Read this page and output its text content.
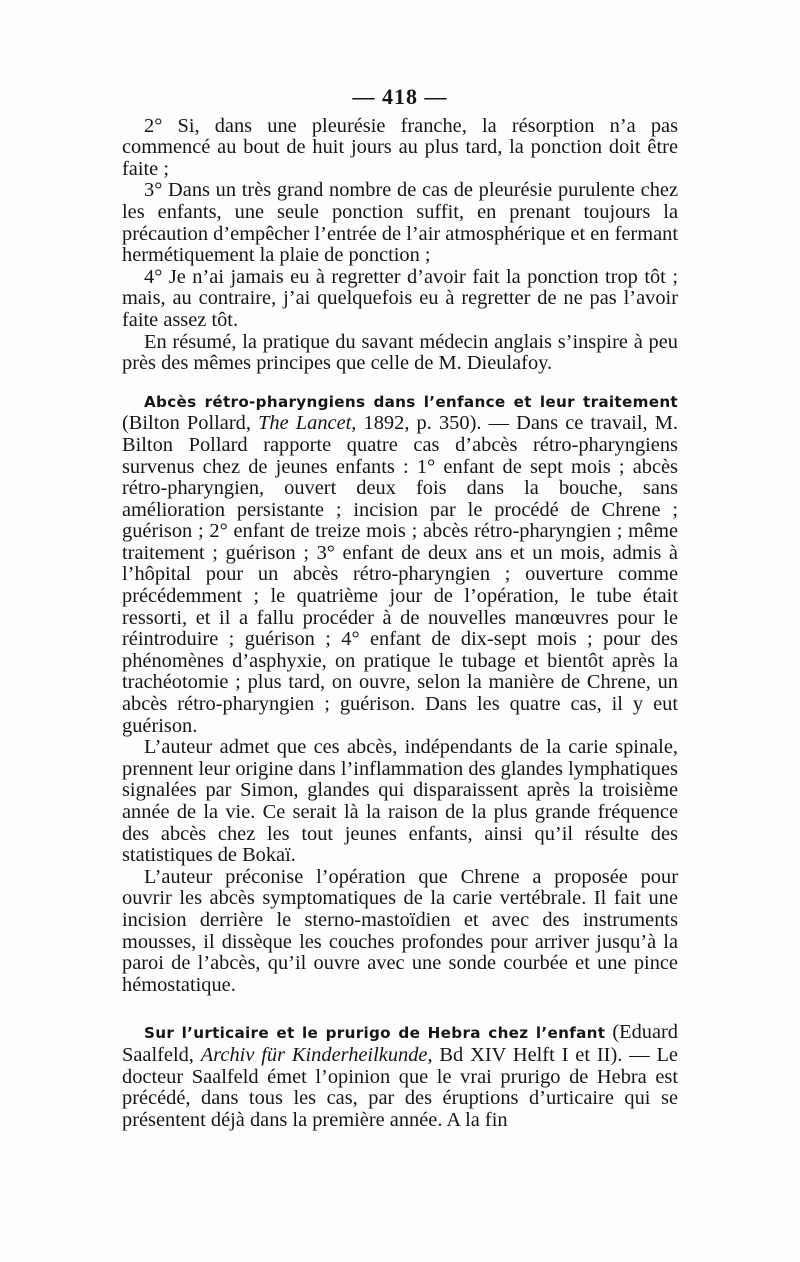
— 418 —

2° Si, dans une pleurésie franche, la résorption n’a pas commencé au bout de huit jours au plus tard, la ponction doit être faite ;

3° Dans un très grand nombre de cas de pleurésie purulente chez les enfants, une seule ponction suffit, en prenant toujours la précaution d’empêcher l’entrée de l’air atmosphérique et en fermant hermétiquement la plaie de ponction ;

4° Je n’ai jamais eu à regretter d’avoir fait la ponction trop tôt ; mais, au contraire, j’ai quelquefois eu à regretter de ne pas l’avoir faite assez tôt.

En résumé, la pratique du savant médecin anglais s’inspire à peu près des mêmes principes que celle de M. Dieulafoy.

Abcès rétro-pharyngiens dans l’enfance et leur traitement (Bilton Pollard, The Lancet, 1892, p. 350). — Dans ce travail, M. Bilton Pollard rapporte quatre cas d’abcès rétro-pharyngiens survenus chez de jeunes enfants : 1° enfant de sept mois ; abcès rétro-pharyngien, ouvert deux fois dans la bouche, sans amélioration persistante ; incision par le procédé de Chrene ; guérison ; 2° enfant de treize mois ; abcès rétro-pharyngien ; même traitement ; guérison ; 3° enfant de deux ans et un mois, admis à l’hôpital pour un abcès rétro-pharyngien ; ouverture comme précédemment ; le quatrième jour de l’opération, le tube était ressorti, et il a fallu procéder à de nouvelles manœuvres pour le réintroduire ; guérison ; 4° enfant de dix-sept mois ; pour des phénomènes d’asphyxie, on pratique le tubage et bientôt après la trachéotomie ; plus tard, on ouvre, selon la manière de Chrene, un abcès rétro-pharyngien ; guérison. Dans les quatre cas, il y eut guérison.

L’auteur admet que ces abcès, indépendants de la carie spinale, prennent leur origine dans l’inflammation des glandes lymphatiques signalées par Simon, glandes qui disparaissent après la troisième année de la vie. Ce serait là la raison de la plus grande fréquence des abcès chez les tout jeunes enfants, ainsi qu’il résulte des statistiques de Bokaï.

L’auteur préconise l’opération que Chrene a proposée pour ouvrir les abcès symptomatiques de la carie vertébrale. Il fait une incision derrière le sterno-mastoïdien et avec des instruments mousses, il dissèque les couches profondes pour arriver jusqu’à la paroi de l’abcès, qu’il ouvre avec une sonde courbée et une pince hémostatique.

Sur l’urticaire et le prurigo de Hebra chez l’enfant (Eduard Saalfeld, Archiv für Kinderheilkunde, Bd XIV Helft I et II). — Le docteur Saalfeld émet l’opinion que le vrai prurigo de Hebra est précédé, dans tous les cas, par des éruptions d’urticaire qui se présentent déjà dans la première année. A la fin
